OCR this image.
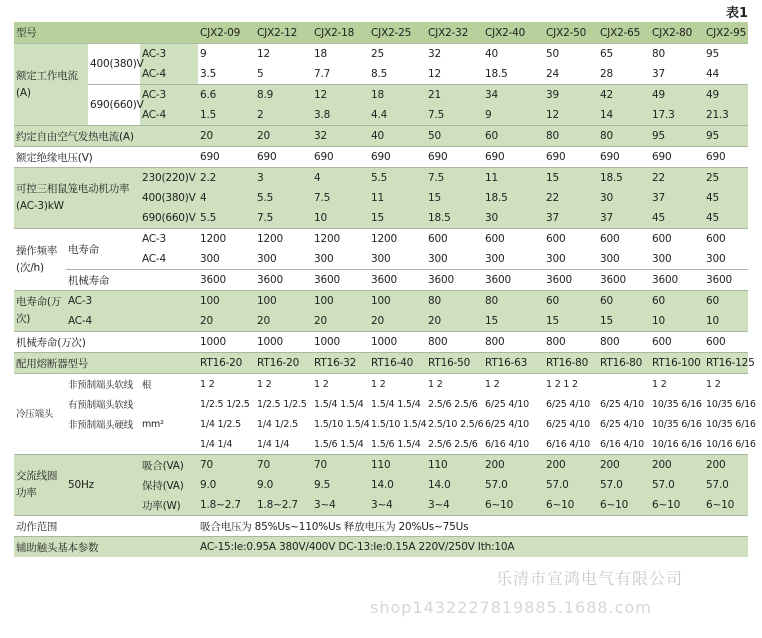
表1
型号				CJX2-09	CJX2-12	CJX2-18	CJX2-25	CJX2-32	CJX2-40	CJX2-50	CJX2-65	CJX2-80	CJX2-95
额定工作电流(A)		400(380)V	AC-3	9	12	18	25	32	40	50	65	80	95
			AC-4	3.5	5	7.7	8.5	12	18.5	24	28	37	44
		690(660)V	AC-3	6.6	8.9	12	18	21	34	39	42	49	49
			AC-4	1.5	2	3.8	4.4	7.5	9	12	14	17.3	21.3
约定自由空气发热电流(A)				20	20	32	40	50	60	80	80	95	95
额定绝缘电压(V)				690	690	690	690	690	690	690	690	690	690
可控三相鼠笼电动机功率(AC-3)kW			230(220)V	2.2	3	4	5.5	7.5	11	15	18.5	22	25
			400(380)V	4	5.5	7.5	11	15	18.5	22	30	37	45
			690(660)V	5.5	7.5	10	15	18.5	30	37	37	45	45
操作频率(次/h)	电寿命		AC-3	1200	1200	1200	1200	600	600	600	600	600	600
			AC-4	300	300	300	300	300	300	300	300	300	300
	机械寿命			3600	3600	3600	3600	3600	3600	3600	3600	3600	3600
电寿命(万次)	AC-3			100	100	100	100	80	80	60	60	60	60
	AC-4			20	20	20	20	20	15	15	15	10	10
机械寿命(万次)				1000	1000	1000	1000	800	800	800	800	600	600
配用熔断器型号				RT16-20	RT16-20	RT16-32	RT16-40	RT16-50	RT16-63	RT16-80	RT16-80	RT16-100	RT16-125
冷压端头	非预制端头软线		根	1 2	1 2	1 2	1 2	1 2	1 2	1 2 1 2		1 2	1 2
	有预制端头软线		mm²	1/2.5 1/2.5	1/2.5 1/2.5	1.5/4 1.5/4	1.5/4 1.5/4	2.5/6 2.5/6	6/25 4/10	6/25 4/10	6/25 4/10	10/35 6/16	10/35 6/16
	非预制端头硬线			1/4 1/2.5	1/4 1/2.5	1.5/10 1.5/4	1.5/10 1.5/4	2.5/10 2.5/6	6/25 4/10	6/25 4/10	6/25 4/10	10/35 6/16	10/35 6/16
				1/4 1/4	1/4 1/4	1.5/6 1.5/4	1.5/6 1.5/4	2.5/6 2.5/6	6/16 4/10	6/16 4/10	6/16 4/10	10/16 6/16	10/16 6/16
交流线圈功率	50Hz		吸合(VA)	70	70	70	110	110	200	200	200	200	200
			保持(VA)	9.0	9.0	9.5	14.0	14.0	57.0	57.0	57.0	57.0	57.0
			功率(W)	1.8~2.7	1.8~2.7	3~4	3~4	3~4	6~10	6~10	6~10	6~10	6~10
动作范围				吸合电压为 85%Us~110%Us 释放电压为 20%Us~75Us									
辅助触头基本参数				AC-15:Ie:0.95A 380V/400V DC-13:Ie:0.15A 220V/250V Ith:10A									
乐清市宣鸿电气有限公司
shop1432227819885.1688.com
